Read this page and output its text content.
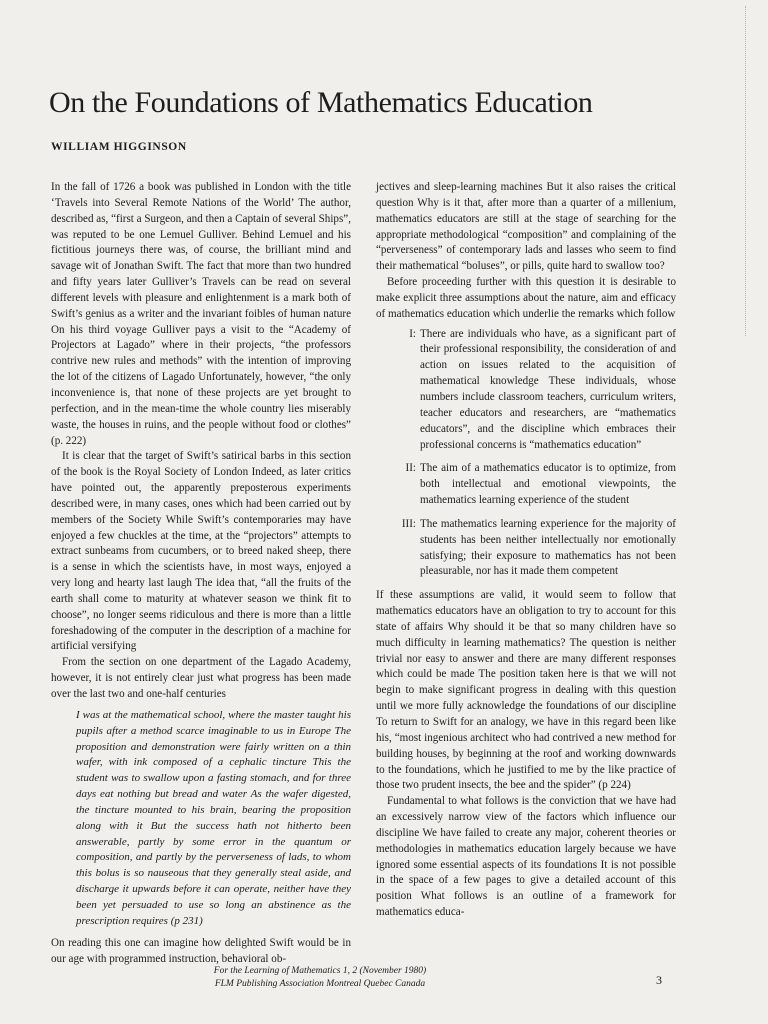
On the Foundations of Mathematics Education
WILLIAM HIGGINSON

In the fall of 1726 a book was published in London with the title ‘Travels into Several Remote Nations of the World’ The author, described as, “first a Surgeon, and then a Captain of several Ships”, was reputed to be one Lemuel Gulliver. Behind Lemuel and his fictitious journeys there was, of course, the brilliant mind and savage wit of Jonathan Swift. The fact that more than two hundred and fifty years later Gulliver’s Travels can be read on several different levels with pleasure and enlightenment is a mark both of Swift’s genius as a writer and the invariant foibles of human nature On his third voyage Gulliver pays a visit to the “Academy of Projectors at Lagado” where in their projects, “the professors contrive new rules and methods” with the intention of improving the lot of the citizens of Lagado Unfortunately, however, “the only inconvenience is, that none of these projects are yet brought to perfection, and in the mean-time the whole country lies miserably waste, the houses in ruins, and the people without food or clothes” (p. 222)

It is clear that the target of Swift’s satirical barbs in this section of the book is the Royal Society of London Indeed, as later critics have pointed out, the apparently preposterous experiments described were, in many cases, ones which had been carried out by members of the Society While Swift’s contemporaries may have enjoyed a few chuckles at the time, at the “projectors” attempts to extract sunbeams from cucumbers, or to breed naked sheep, there is a sense in which the scientists have, in most ways, enjoyed a very long and hearty last laugh The idea that, “all the fruits of the earth shall come to maturity at whatever season we think fit to choose”, no longer seems ridiculous and there is more than a little foreshadowing of the computer in the description of a machine for artificial versifying

From the section on one department of the Lagado Academy, however, it is not entirely clear just what progress has been made over the last two and one-half centuries

I was at the mathematical school, where the master taught his pupils after a method scarce imaginable to us in Europe The proposition and demonstration were fairly written on a thin wafer, with ink composed of a cephalic tincture This the student was to swallow upon a fasting stomach, and for three days eat nothing but bread and water As the wafer digested, the tincture mounted to his brain, bearing the proposition along with it But the success hath not hitherto been answerable, partly by some error in the quantum or composition, and partly by the perverseness of lads, to whom this bolus is so nauseous that they generally steal aside, and discharge it upwards before it can operate, neither have they been yet persuaded to use so long an abstinence as the prescription requires (p 231)

On reading this one can imagine how delighted Swift would be in our age with programmed instruction, behavioral ob-

jectives and sleep-learning machines But it also raises the critical question Why is it that, after more than a quarter of a millenium, mathematics educators are still at the stage of searching for the appropriate methodological “composition” and complaining of the “perverseness” of contemporary lads and lasses who seem to find their mathematical “boluses”, or pills, quite hard to swallow too?

Before proceeding further with this question it is desirable to make explicit three assumptions about the nature, aim and efficacy of mathematics education which underlie the remarks which follow

I: There are individuals who have, as a significant part of their professional responsibility, the consideration of and action on issues related to the acquisition of mathematical knowledge These individuals, whose numbers include classroom teachers, curriculum writers, teacher educators and researchers, are “mathematics educators”, and the discipline which embraces their professional concerns is “mathematics education”
II: The aim of a mathematics educator is to optimize, from both intellectual and emotional viewpoints, the mathematics learning experience of the student
III: The mathematics learning experience for the majority of students has been neither intellectually nor emotionally satisfying; their exposure to mathematics has not been pleasurable, nor has it made them competent

If these assumptions are valid, it would seem to follow that mathematics educators have an obligation to try to account for this state of affairs Why should it be that so many children have so much difficulty in learning mathematics? The question is neither trivial nor easy to answer and there are many different responses which could be made The position taken here is that we will not begin to make significant progress in dealing with this question until we more fully acknowledge the foundations of our discipline To return to Swift for an analogy, we have in this regard been like his, “most ingenious architect who had contrived a new method for building houses, by beginning at the roof and working downwards to the foundations, which he justified to me by the like practice of those two prudent insects, the bee and the spider” (p 224)

Fundamental to what follows is the conviction that we have had an excessively narrow view of the factors which influence our discipline We have failed to create any major, coherent theories or methodologies in mathematics education largely because we have ignored some essential aspects of its foundations It is not possible in the space of a few pages to give a detailed account of this position What follows is an outline of a framework for mathematics educa-

For the Learning of Mathematics 1, 2 (November 1980)
FLM Publishing Association Montreal Quebec Canada	3
